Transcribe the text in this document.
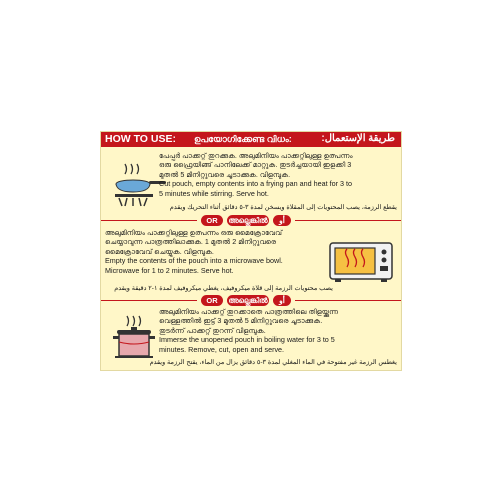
HOW TO USE: ഉപയോഗിക്കേണ്ട വിധം:	طريقة الإستعمال:

പേപ്പർ പാക്കറ്റ് തുറക്കുക. അലുമിനിയം പാക്കറ്റിലുള്ള ഉത്പന്നം

ഒരു ഫ്രൈയിങ്ങ് പാനിലേക്ക് മാറ്റുക. തുടർച്ചയായി ഇളക്കി 3

മുതൽ 5 മിനിറ്റുവരെ ചൂടാക്കുക. വിളമ്പുക.

Cut pouch, empty contents into a frying pan and heat for 3 to

5 minutes while stirring. Serve hot.

يقطع الرزمة، يصب المحتويات إلى المقلاة ويسخن لمدة ٣-٥ دقائق أثناء التحريك ويقدم
OR	അല്ലെങ്കിൽ	أو

അലുമിനിയം പാക്കറ്റിലുള്ള ഉത്പന്നം ഒരു മൈക്രോവേവ്

ചെയ്യാവുന്ന പാത്രത്തിലാക്കുക. 1 മുതൽ 2 മിനിറ്റുവരെ

മൈക്രോവേവ് ചെയ്യുക. വിളമ്പുക.

Empty the contents of the pouch into a microwave bowl.

Microwave for 1 to 2 minutes. Serve hot.

يصب محتويات الرزمة إلى قلاة ميكروفيف، يغطي ميكروفيف لمدة ١-٢ دقيقة ويقدم
OR	അല്ലെങ്കിൽ	أو

അലുമിനിയം പാക്കറ്റ് തുറക്കാതെ പാത്രത്തിലെ തിളയ്ക്കുന്ന

വെള്ളത്തിൽ ഇട്ട് 3 മുതൽ 5 മിനിറ്റുവരെ ചൂടാക്കുക.

തുടർന്ന് പാക്കറ്റ് തുറന്ന് വിളമ്പുക.

Immerse the unopened pouch in boiling water for 3 to 5

minutes. Remove, cut, open and serve.

يغطس الرزمة غير مفتوحة في الماء المغلي لمدة ٣-٥ دقائق يزال من الماء، يقتح الرزمة ويقدم
